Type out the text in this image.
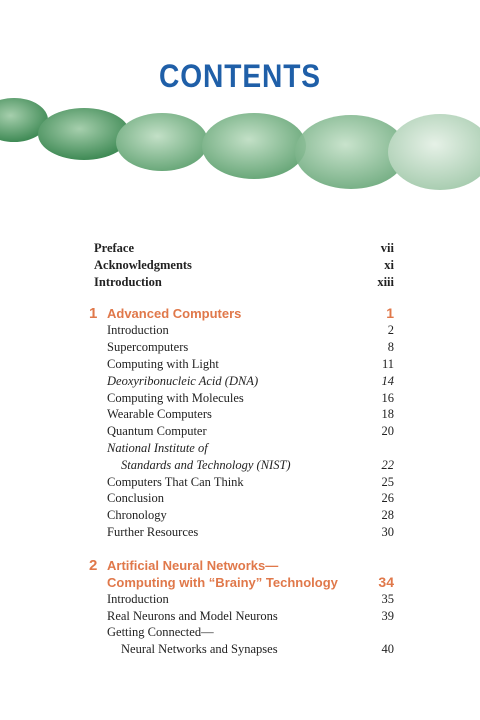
CONTENTS
Preface	vii
Acknowledgments	xi
Introduction	xiii
1 Advanced Computers	1
Introduction	2
Supercomputers	8
Computing with Light	11
Deoxyribonucleic Acid (DNA)	14
Computing with Molecules	16
Wearable Computers	18
Quantum Computer	20
National Institute of
Standards and Technology (NIST)	22
Computers That Can Think	25
Conclusion	26
Chronology	28
Further Resources	30
2 Artificial Neural Networks—
Computing with “Brainy” Technology	34
Introduction	35
Real Neurons and Model Neurons	39
Getting Connected—
Neural Networks and Synapses	40
